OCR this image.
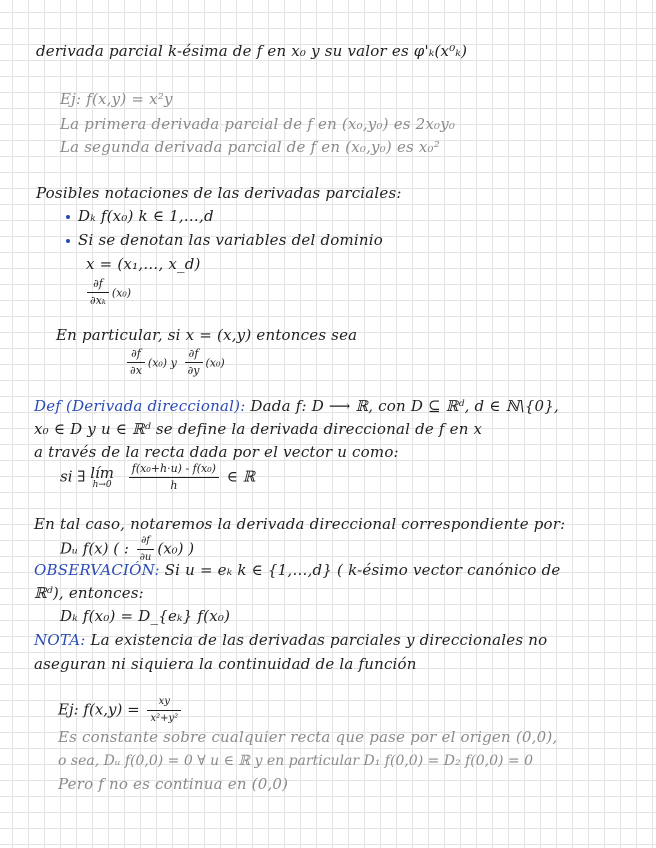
derivada parcial k-ésima de f en x₀ y su valor es φ'ₖ(x⁰ₖ)
Ej: f(x,y) = x²y
La primera derivada parcial de f en (x₀,y₀) es 2x₀y₀
La segunda derivada parcial de f en (x₀,y₀) es x₀²
Posibles notaciones de las derivadas parciales:
Dₖ f(x₀) k ∈ 1,…,d
Si se denotan las variables del dominio
x = (x₁,…, x_d)
$\frac{\partial f}{\text{∂xₖ}} (x_0)$
En particular, si x = (x,y) entonces sea
$\frac{\partial f}{\partial x} (x_0)$ y $\frac{\partial f}{\partial y} (x_0)$
Def (Derivada direccional): Dada f: D ⟶ ℝ, con D ⊆ ℝᵈ, d ∈ ℕ\{0},
x₀ ∈ D y u ∈ ℝᵈ se define la derivada direccional de f en x
a través de la recta dada por el vector u como:
si ∃ lím
h→0
$\frac{\text{f(x₀+h·u) - f(x₀)}}{h}$ ∈ ℝ
En tal caso, notaremos la derivada direccional correspondiente por:
Dᵤ f(x) ( : $\frac{\partial f}{\partial u} (x_0)$ )
OBSERVACIÓN: Si u = eₖ k ∈ {1,…,d} ( k-ésimo vector canónico de
ℝᵈ), entonces:
Dₖ f(x₀) = D_{eₖ} f(x₀)
NOTA: La existencia de las derivadas parciales y direccionales no
aseguran ni siquiera la continuidad de la función
Ej: $f(x,y) = \frac{xy}{\text{x²+y²}}$
Es constante sobre cualquier recta que pase por el origen (0,0),
o sea, Dᵤ f(0,0) = 0 ∀ u ∈ ℝ y en particular D₁ f(0,0) = D₂ f(0,0) = 0
Pero f no es continua en (0,0)
